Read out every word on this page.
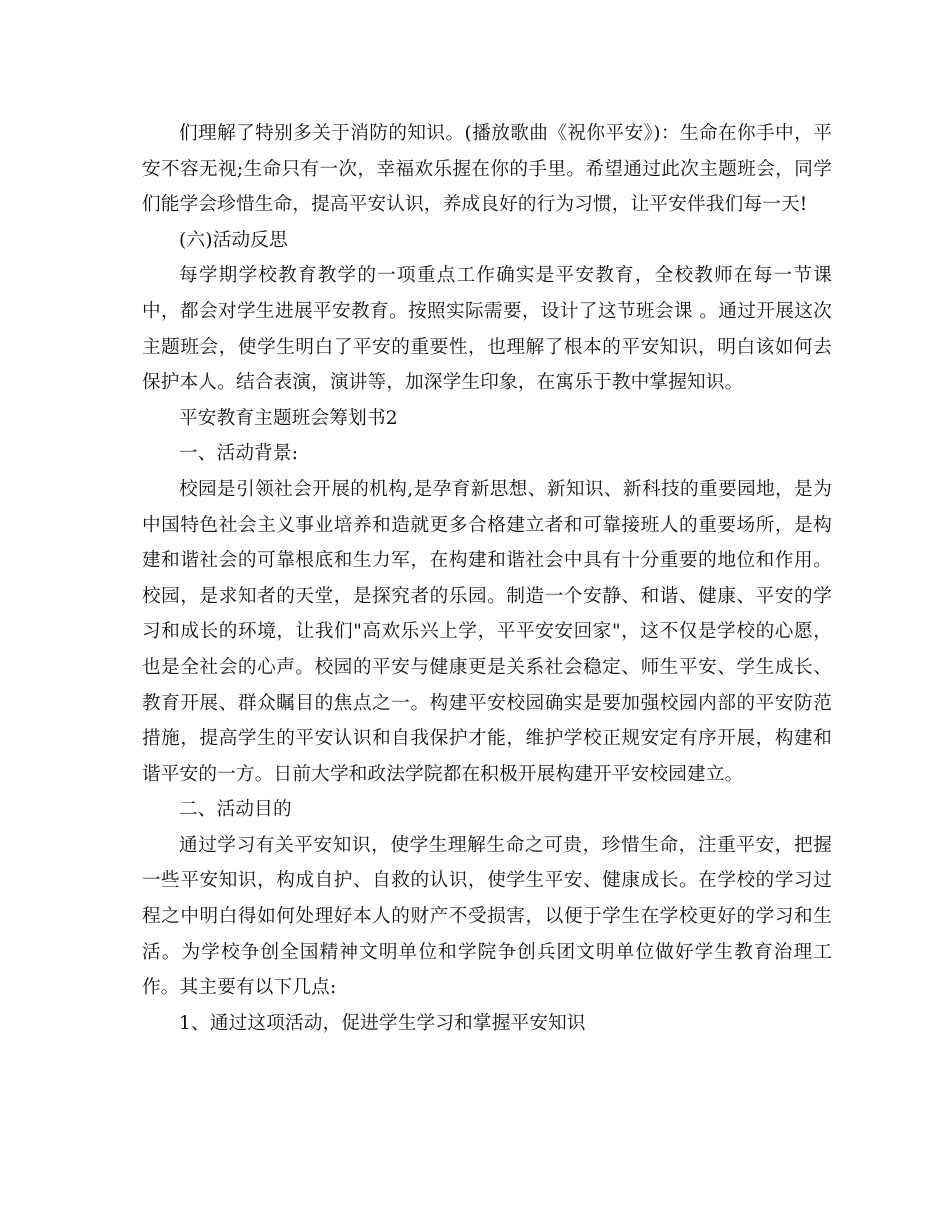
们理解了特别多关于消防的知识。(播放歌曲《祝你平安》)：生命在你手中，平安不容无视;生命只有一次，幸福欢乐握在你的手里。希望通过此次主题班会，同学们能学会珍惜生命，提高平安认识，养成良好的行为习惯，让平安伴我们每一天!

(六)活动反思

每学期学校教育教学的一项重点工作确实是平安教育，全校教师在每一节课中，都会对学生进展平安教育。按照实际需要，设计了这节班会课 。通过开展这次主题班会，使学生明白了平安的重要性，也理解了根本的平安知识，明白该如何去保护本人。结合表演，演讲等，加深学生印象，在寓乐于教中掌握知识。

平安教育主题班会筹划书2

一、活动背景:

校园是引领社会开展的机构,是孕育新思想、新知识、新科技的重要园地，是为中国特色社会主义事业培养和造就更多合格建立者和可靠接班人的重要场所，是构建和谐社会的可靠根底和生力军，在构建和谐社会中具有十分重要的地位和作用。校园，是求知者的天堂，是探究者的乐园。制造一个安静、和谐、健康、平安的学习和成长的环境，让我们"高欢乐兴上学，平平安安回家"，这不仅是学校的心愿，也是全社会的心声。校园的平安与健康更是关系社会稳定、师生平安、学生成长、教育开展、群众瞩目的焦点之一。构建平安校园确实是要加强校园内部的平安防范措施，提高学生的平安认识和自我保护才能，维护学校正规安定有序开展，构建和谐平安的一方。日前大学和政法学院都在积极开展构建开平安校园建立。

二、活动目的

通过学习有关平安知识，使学生理解生命之可贵，珍惜生命，注重平安，把握一些平安知识，构成自护、自救的认识，使学生平安、健康成长。在学校的学习过程之中明白得如何处理好本人的财产不受损害，以便于学生在学校更好的学习和生活。为学校争创全国精神文明单位和学院争创兵团文明单位做好学生教育治理工作。其主要有以下几点:

1、通过这项活动，促进学生学习和掌握平安知识
